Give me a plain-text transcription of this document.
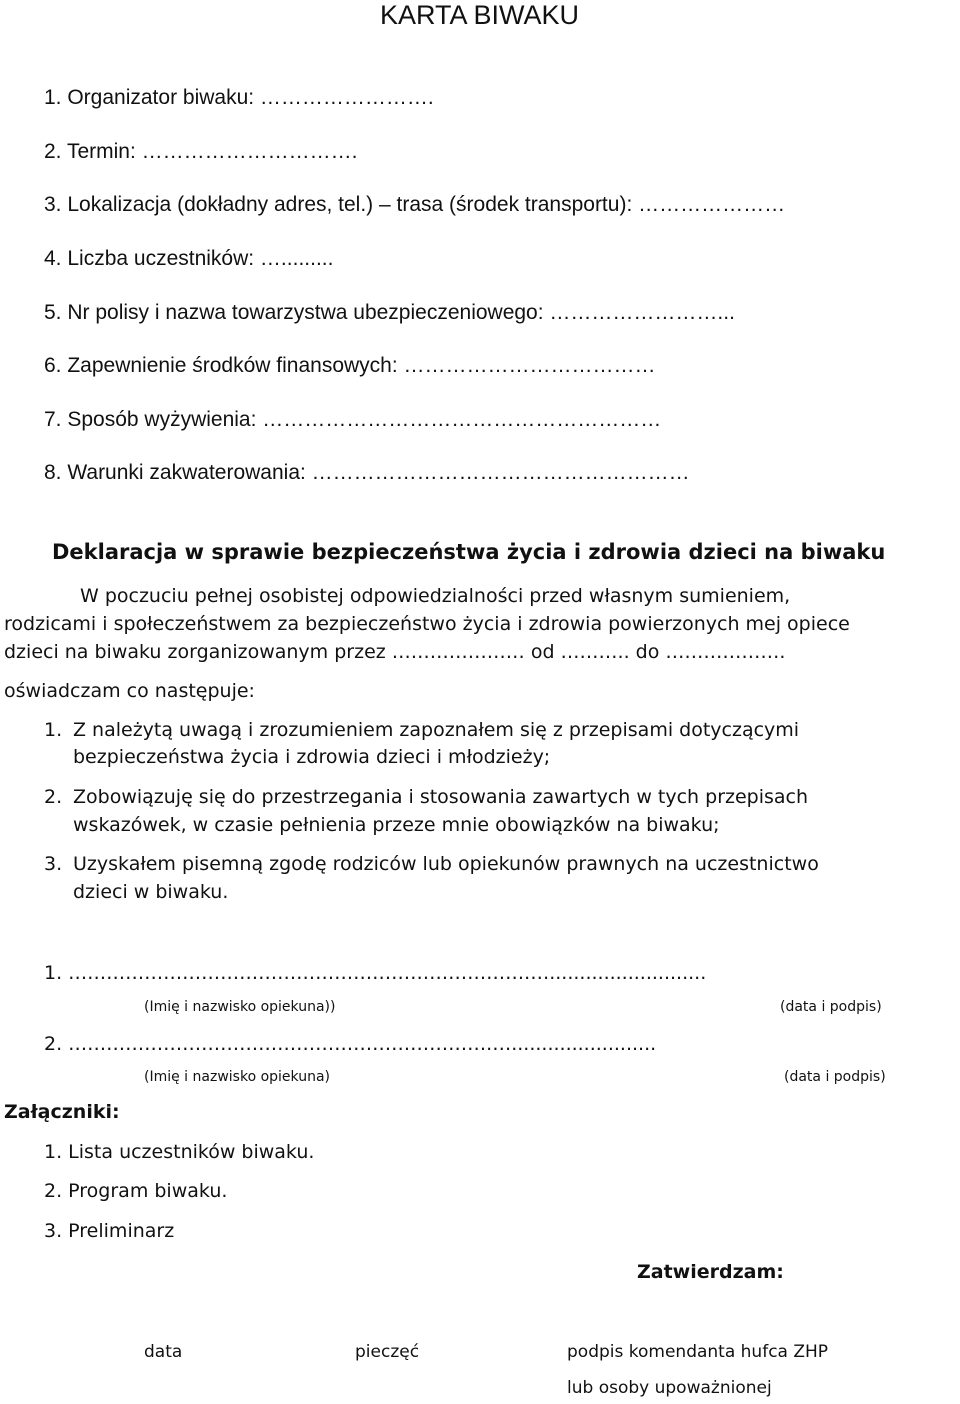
KARTA BIWAKU
1. Organizator biwaku: …………………….
2. Termin: ………………………….
3. Lokalizacja (dokładny adres, tel.) – trasa (środek transportu): …………………
4. Liczba uczestników: ….........
5. Nr polisy i nazwa towarzystwa ubezpieczeniowego: ……………………...
6. Zapewnienie środków finansowych: ………………………………
7. Sposób wyżywienia: …………………………………………………
8. Warunki zakwaterowania: ………………………………………………
Deklaracja w sprawie bezpieczeństwa życia i zdrowia dzieci na biwaku
W poczuciu pełnej osobistej odpowiedzialności przed własnym sumieniem,
rodzicami i społeczeństwem za bezpieczeństwo życia i zdrowia powierzonych mej opiece
dzieci na biwaku zorganizowanym przez ………………… od ……….. do ……………….
oświadczam co następuje:
1. Z należytą uwagą i zrozumieniem zapoznałem się z przepisami dotyczącymi
bezpieczeństwa życia i zdrowia dzieci i młodzieży;
2. Zobowiązuję się do przestrzegania i stosowania zawartych w tych przepisach
wskazówek, w czasie pełnienia przeze mnie obowiązków na biwaku;
3. Uzyskałem pisemną zgodę rodziców lub opiekunów prawnych na uczestnictwo
dzieci w biwaku.
1. ……………………………………………………………….…..........................
(Imię i nazwisko opiekuna))	(data i podpis)
2. ………………………………………………………….…........................
(Imię i nazwisko opiekuna)	(data i podpis)
Załączniki:
1. Lista uczestników biwaku.
2. Program biwaku.
3. Preliminarz
Zatwierdzam:
data	pieczęć	podpis komendanta hufca ZHP
lub osoby upoważnionej
